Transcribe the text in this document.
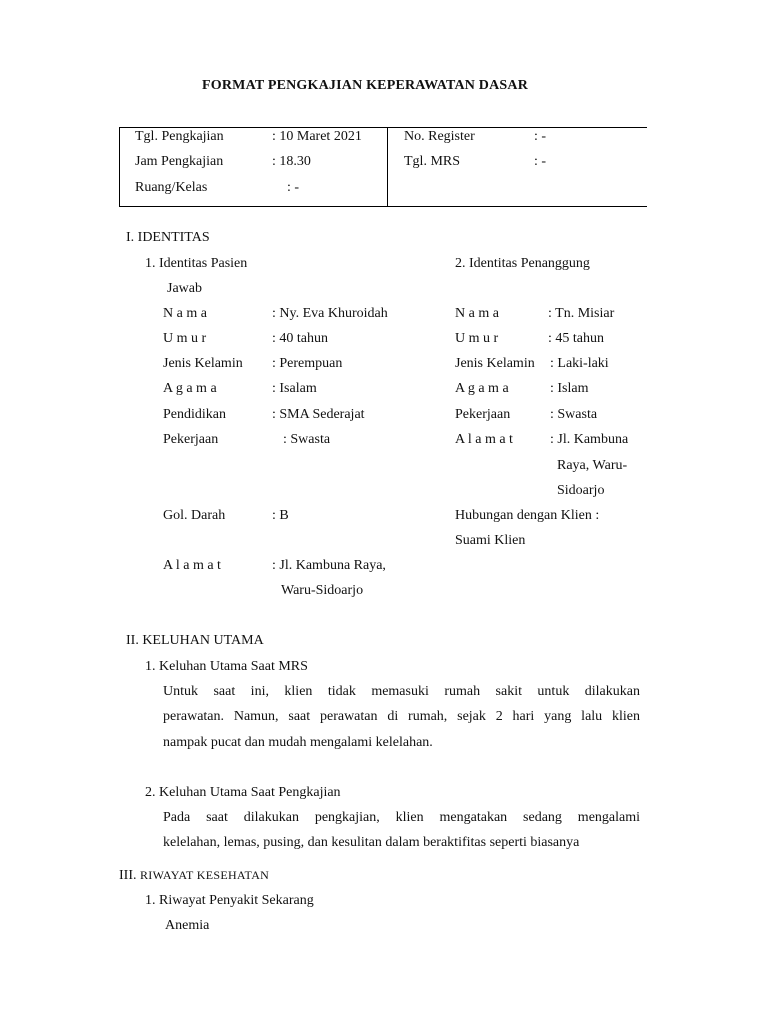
FORMAT PENGKAJIAN KEPERAWATAN DASAR
Tgl. Pengkajian	: 10 Maret 2021
Jam Pengkajian	: 18.30
Ruang/Kelas	: -
No. Register	: -
Tgl. MRS	: -
I. IDENTITAS
1. Identitas Pasien	2. Identitas Penanggung
Jawab
N a m a	: Ny. Eva Khuroidah
U m u r	: 40 tahun
Jenis Kelamin : Perempuan
A g a m a	: Isalam
Pendidikan	: SMA Sederajat
Pekerjaan	: Swasta
Gol. Darah	: B
A l a m a t	: Jl. Kambuna Raya,
Waru-Sidoarjo
N a m a	: Tn. Misiar
U m u r	: 45 tahun
Jenis Kelamin : Laki-laki
A g a m a	: Islam
Pekerjaan	: Swasta
A l a m a t	: Jl. Kambuna
Raya, Waru-
Sidoarjo
Hubungan dengan Klien :
Suami Klien
II. KELUHAN UTAMA
1. Keluhan Utama Saat MRS
Untuk saat ini, klien tidak memasuki rumah sakit untuk dilakukan
perawatan. Namun, saat perawatan di rumah, sejak 2 hari yang lalu klien
nampak pucat dan mudah mengalami kelelahan.
2. Keluhan Utama Saat Pengkajian
Pada saat dilakukan pengkajian, klien mengatakan sedang mengalami
kelelahan, lemas, pusing, dan kesulitan dalam beraktifitas seperti biasanya
III. RIWAYAT KESEHATAN
1. Riwayat Penyakit Sekarang
Anemia
